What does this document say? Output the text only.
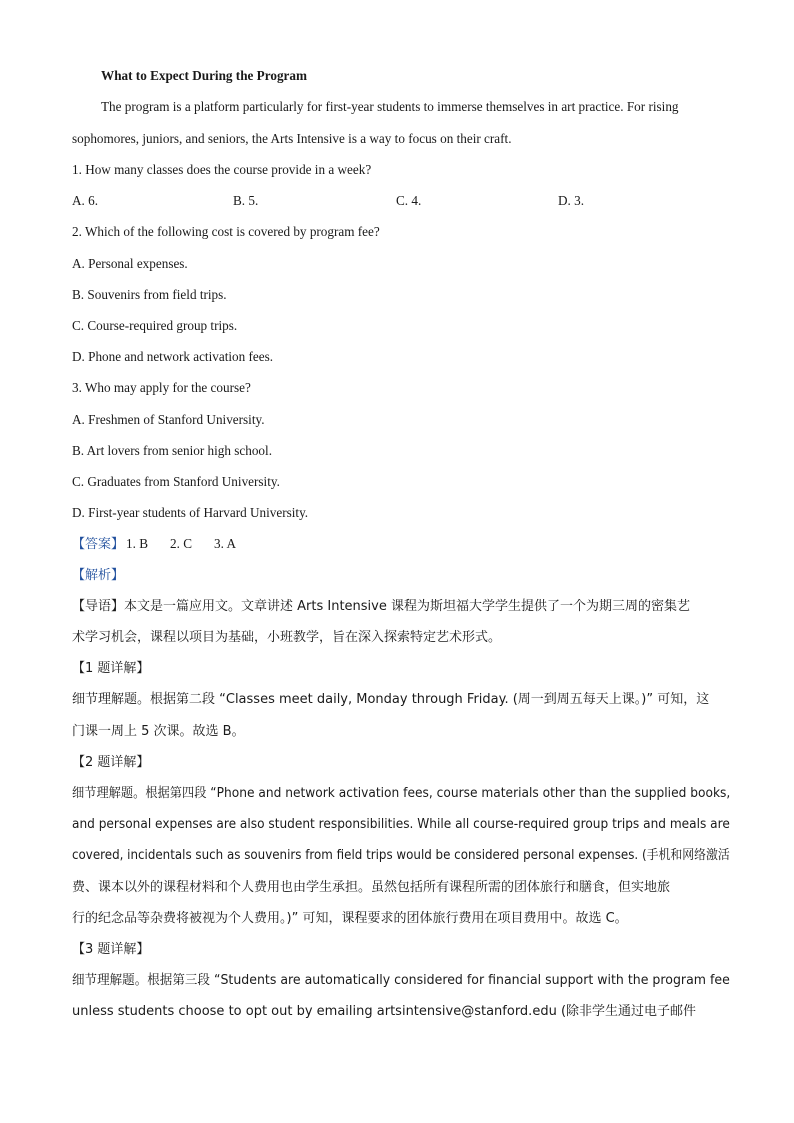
What to Expect During the Program
The program is a platform particularly for first-year students to immerse themselves in art practice. For rising
sophomores, juniors, and seniors, the Arts Intensive is a way to focus on their craft.
1. How many classes does the course provide in a week?
A. 6.	B. 5.	C. 4.	D. 3.
2. Which of the following cost is covered by program fee?
A. Personal expenses.
B. Souvenirs from field trips.
C. Course-required group trips.
D. Phone and network activation fees.
3. Who may apply for the course?
A. Freshmen of Stanford University.
B. Art lovers from senior high school.
C. Graduates from Stanford University.
D. First-year students of Harvard University.
【答案】 1. B 2. C 3. A
【解析】
【导语】本文是一篇应用文。文章讲述 Arts Intensive 课程为斯坦福大学学生提供了一个为期三周的密集艺
术学习机会，课程以项目为基础，小班教学，旨在深入探索特定艺术形式。
【1 题详解】
细节理解题。根据第二段 “Classes meet daily, Monday through Friday. (周一到周五每天上课。)” 可知，这
门课一周上 5 次课。故选 B。
【2 题详解】
细节理解题。根据第四段 “Phone and network activation fees, course materials other than the supplied books,
and personal expenses are also student responsibilities. While all course-required group trips and meals are
covered, incidentals such as souvenirs from field trips would be considered personal expenses. (手机和网络激活
费、课本以外的课程材料和个人费用也由学生承担。虽然包括所有课程所需的团体旅行和膳食，但实地旅
行的纪念品等杂费将被视为个人费用。)” 可知，课程要求的团体旅行费用在项目费用中。故选 C。
【3 题详解】
细节理解题。根据第三段 “Students are automatically considered for financial support with the program fee
unless students choose to opt out by emailing artsintensive@stanford.edu (除非学生通过电子邮件
